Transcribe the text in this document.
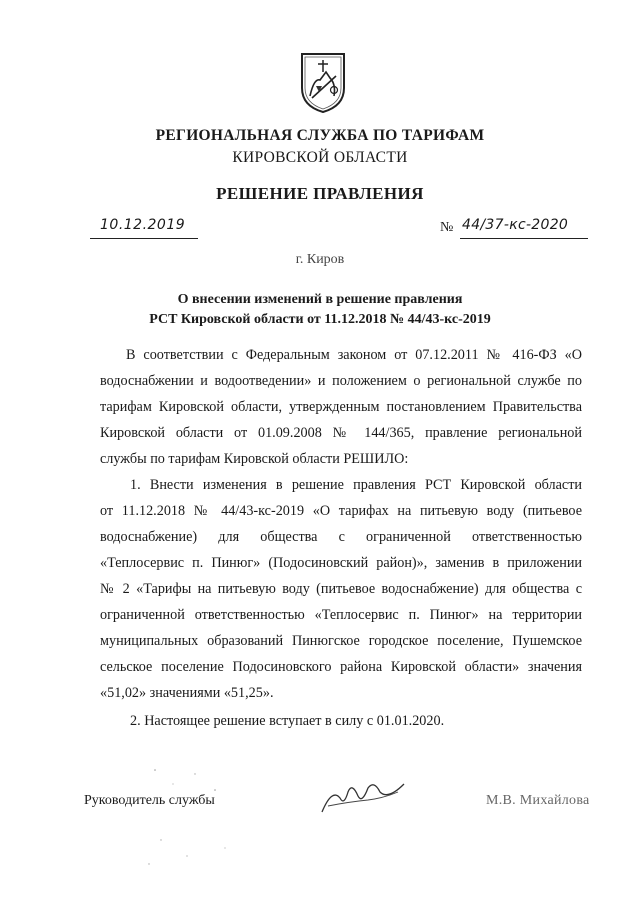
РЕГИОНАЛЬНАЯ СЛУЖБА ПО ТАРИФАМ
КИРОВСКОЙ ОБЛАСТИ
РЕШЕНИЕ ПРАВЛЕНИЯ
10.12.2019	№ 44/37-кс-2020
г. Киров
О внесении изменений в решение правления
РСТ Кировской области от 11.12.2018 № 44/43-кс-2019
В соответствии с Федеральным законом от 07.12.2011 № 416-ФЗ «О
водоснабжении и водоотведении» и положением о региональной службе по
тарифам Кировской области, утвержденным постановлением Правительства
Кировской области от 01.09.2008 № 144/365, правление региональной
службы по тарифам Кировской области РЕШИЛО:
1. Внести изменения в решение правления РСТ Кировской области
от 11.12.2018 № 44/43-кс-2019 «О тарифах на питьевую воду (питьевое
водоснабжение) для общества с ограниченной ответственностью
«Теплосервис п. Пинюг» (Подосиновский район)», заменив в приложении
№ 2 «Тарифы на питьевую воду (питьевое водоснабжение) для общества с
ограниченной ответственностью «Теплосервис п. Пинюг» на территории
муниципальных образований Пинюгское городское поселение, Пушемское
сельское поселение Подосиновского района Кировской области» значения
«51,02» значениями «51,25».
2. Настоящее решение вступает в силу с 01.01.2020.
Руководитель службы	М.В. Михайлова
